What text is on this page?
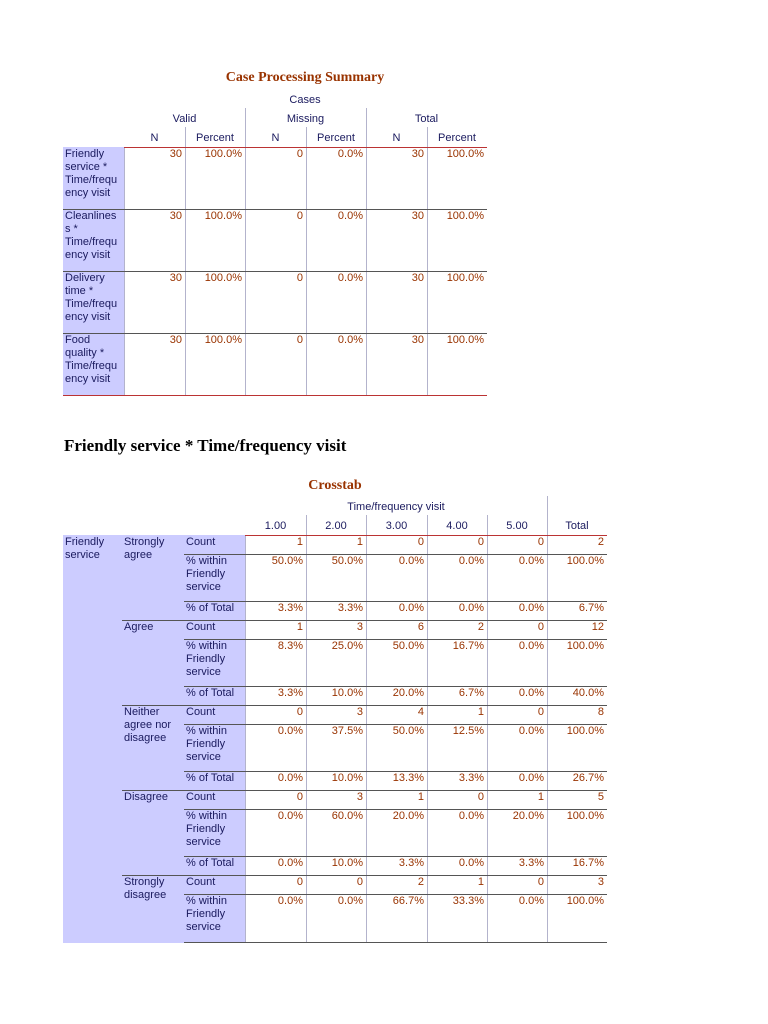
Case Processing Summary
Cases
Valid	Missing	Total
N	Percent	N	Percent	N	Percent
Friendly
service *
Time/frequ
ency visit
30	100.0%	0	0.0%	30	100.0%
Cleanlines
s *
Time/frequ
ency visit
30	100.0%	0	0.0%	30	100.0%
Delivery
time *
Time/frequ
ency visit
30	100.0%	0	0.0%	30	100.0%
Food
quality *
Time/frequ
ency visit
30	100.0%	0	0.0%	30	100.0%
Friendly service * Time/frequency visit
Crosstab
Time/frequency visit
1.00	2.00	3.00	4.00	5.00	Total
Friendly
service
Strongly
agree
Count	1	1	0	0	0	2
% within
Friendly
service
50.0%	50.0%	0.0%	0.0%	0.0%	100.0%
% of Total	3.3%	3.3%	0.0%	0.0%	0.0%	6.7%
Agree	Count	1	3	6	2	0	12
% within
Friendly
service
8.3%	25.0%	50.0%	16.7%	0.0%	100.0%
% of Total	3.3%	10.0%	20.0%	6.7%	0.0%	40.0%
Neither
agree nor
disagree
Count	0	3	4	1	0	8
% within
Friendly
service
0.0%	37.5%	50.0%	12.5%	0.0%	100.0%
% of Total	0.0%	10.0%	13.3%	3.3%	0.0%	26.7%
Disagree	Count	0	3	1	0	1	5
% within
Friendly
service
0.0%	60.0%	20.0%	0.0%	20.0%	100.0%
% of Total	0.0%	10.0%	3.3%	0.0%	3.3%	16.7%
Strongly
disagree
Count	0	0	2	1	0	3
% within
Friendly
service
0.0%	0.0%	66.7%	33.3%	0.0%	100.0%
